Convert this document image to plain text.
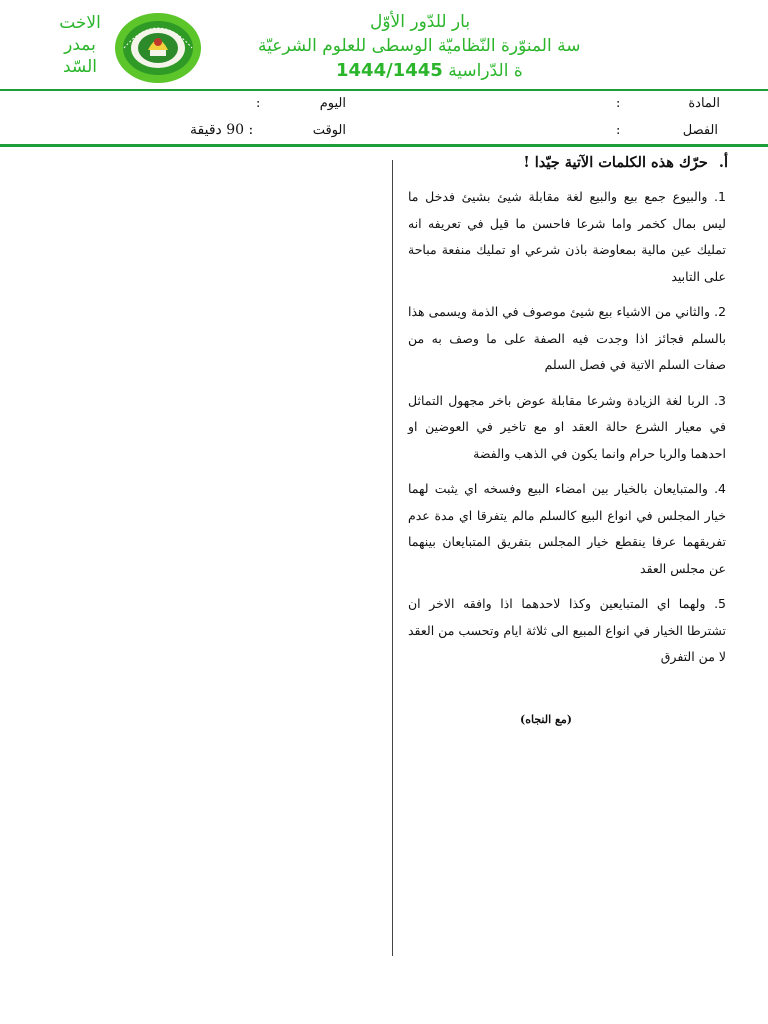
الاخت
بمدر
السّد
بار للدّور الأوّل
سة المنوّرة النّظاميّة الوسطى للعلوم الشرعيّة
1444/1445 ة الدّراسية
المادة
:
اليوم
:
الفصل
:
الوقت
: 90 دقيقة
أ. حرّك هذه الكلمات الآتية جيّدا !

1. والبيوع جمع بيع والبيع لغة مقابلة شيئ بشيئ فدخل ما ليس بمال كخمر واما شرعا فاحسن ما قيل في تعريفه انه تمليك عين مالية بمعاوضة باذن شرعي او تمليك منفعة مباحة على التابيد

2. والثاني من الاشياء بيع شيئ موصوف في الذمة ويسمى هذا بالسلم فجائز اذا وجدت فيه الصفة على ما وصف به من صفات السلم الاتية في فصل السلم

3. الربا لغة الزيادة وشرعا مقابلة عوض باخر مجهول التماثل في معيار الشرع حالة العقد او مع تاخير في العوضين او احدهما والربا حرام وانما يكون في الذهب والفضة

4. والمتبايعان بالخيار بين امضاء البيع وفسخه اي يثبت لهما خيار المجلس في انواع البيع كالسلم مالم يتفرقا اي مدة عدم تفريقهما عرفا ينقطع خيار المجلس بتفريق المتبايعان بينهما عن مجلس العقد

5. ولهما اي المتبايعين وكذا لاحدهما اذا وافقه الاخر ان تشترطا الخيار في انواع المبيع الى ثلاثة ايام وتحسب من العقد لا من التفرق

(مع النجاه)
